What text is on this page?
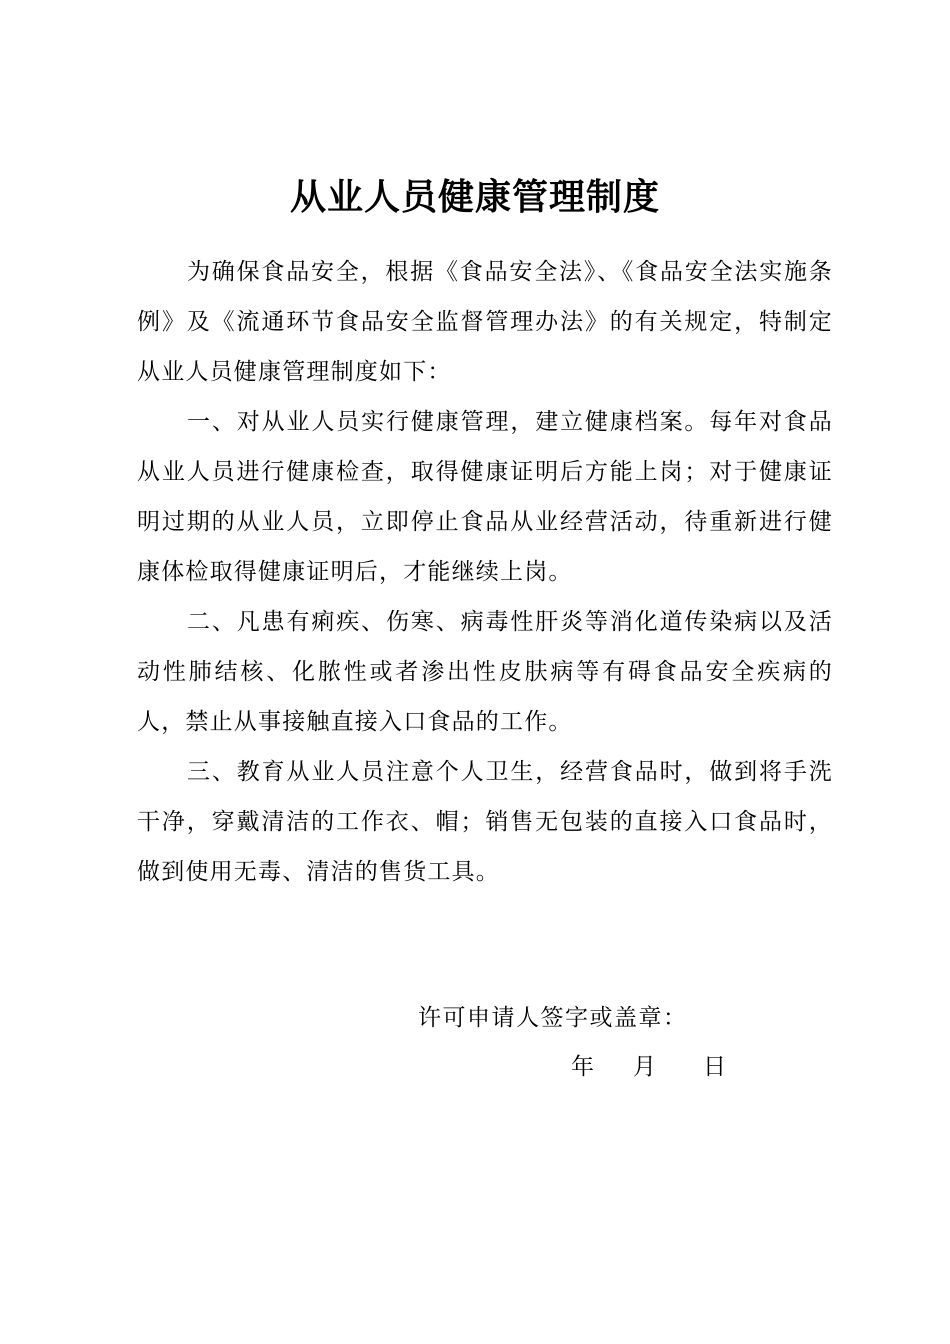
从业人员健康管理制度

为确保食品安全，根据《食品安全法》、《食品安全法实施条例》及《流通环节食品安全监督管理办法》的有关规定，特制定从业人员健康管理制度如下：

一、对从业人员实行健康管理，建立健康档案。每年对食品从业人员进行健康检查，取得健康证明后方能上岗；对于健康证明过期的从业人员，立即停止食品从业经营活动，待重新进行健康体检取得健康证明后，才能继续上岗。

二、凡患有痢疾、伤寒、病毒性肝炎等消化道传染病以及活动性肺结核、化脓性或者渗出性皮肤病等有碍食品安全疾病的人，禁止从事接触直接入口食品的工作。

三、教育从业人员注意个人卫生，经营食品时，做到将手洗干净，穿戴清洁的工作衣、帽；销售无包装的直接入口食品时，做到使用无毒、清洁的售货工具。

许可申请人签字或盖章：
年 月 日
